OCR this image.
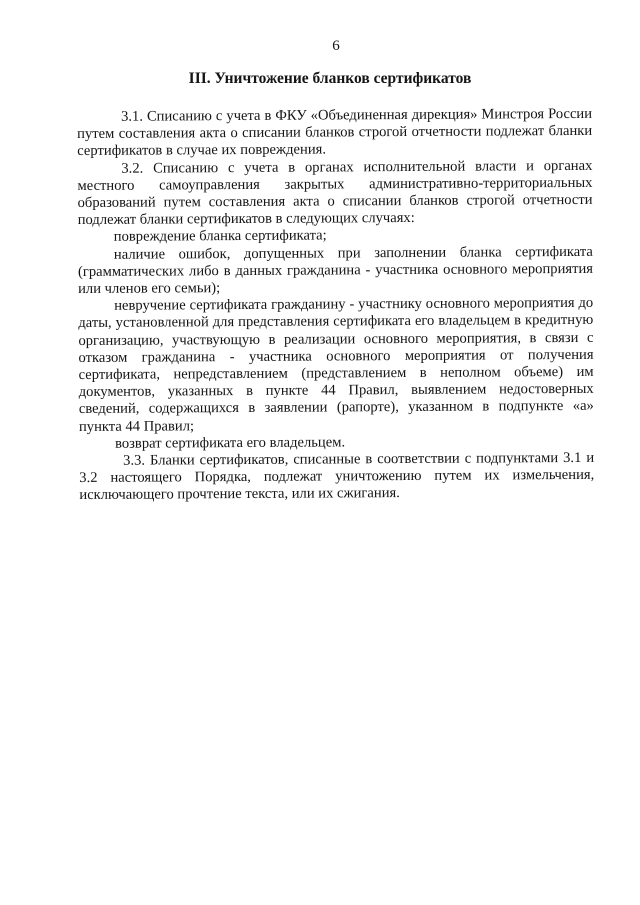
6
III. Уничтожение бланков сертификатов

3.1. Списанию с учета в ФКУ «Объединенная дирекция» Минстроя России путем составления акта о списании бланков строгой отчетности подлежат бланки сертификатов в случае их повреждения.

3.2. Списанию с учета в органах исполнительной власти и органах местного самоуправления закрытых административно-территориальных образований путем составления акта о списании бланков строгой отчетности подлежат бланки сертификатов в следующих случаях:

повреждение бланка сертификата;

наличие ошибок, допущенных при заполнении бланка сертификата (грамматических либо в данных гражданина - участника основного мероприятия или членов его семьи);

невручение сертификата гражданину - участнику основного мероприятия до даты, установленной для представления сертификата его владельцем в кредитную организацию, участвующую в реализации основного мероприятия, в связи с отказом гражданина - участника основного мероприятия от получения сертификата, непредставлением (представлением в неполном объеме) им документов, указанных в пункте 44 Правил, выявлением недостоверных сведений, содержащихся в заявлении (рапорте), указанном в подпункте «а» пункта 44 Правил;

возврат сертификата его владельцем.

3.3. Бланки сертификатов, списанные в соответствии с подпунктами 3.1 и 3.2 настоящего Порядка, подлежат уничтожению путем их измельчения, исключающего прочтение текста, или их сжигания.
